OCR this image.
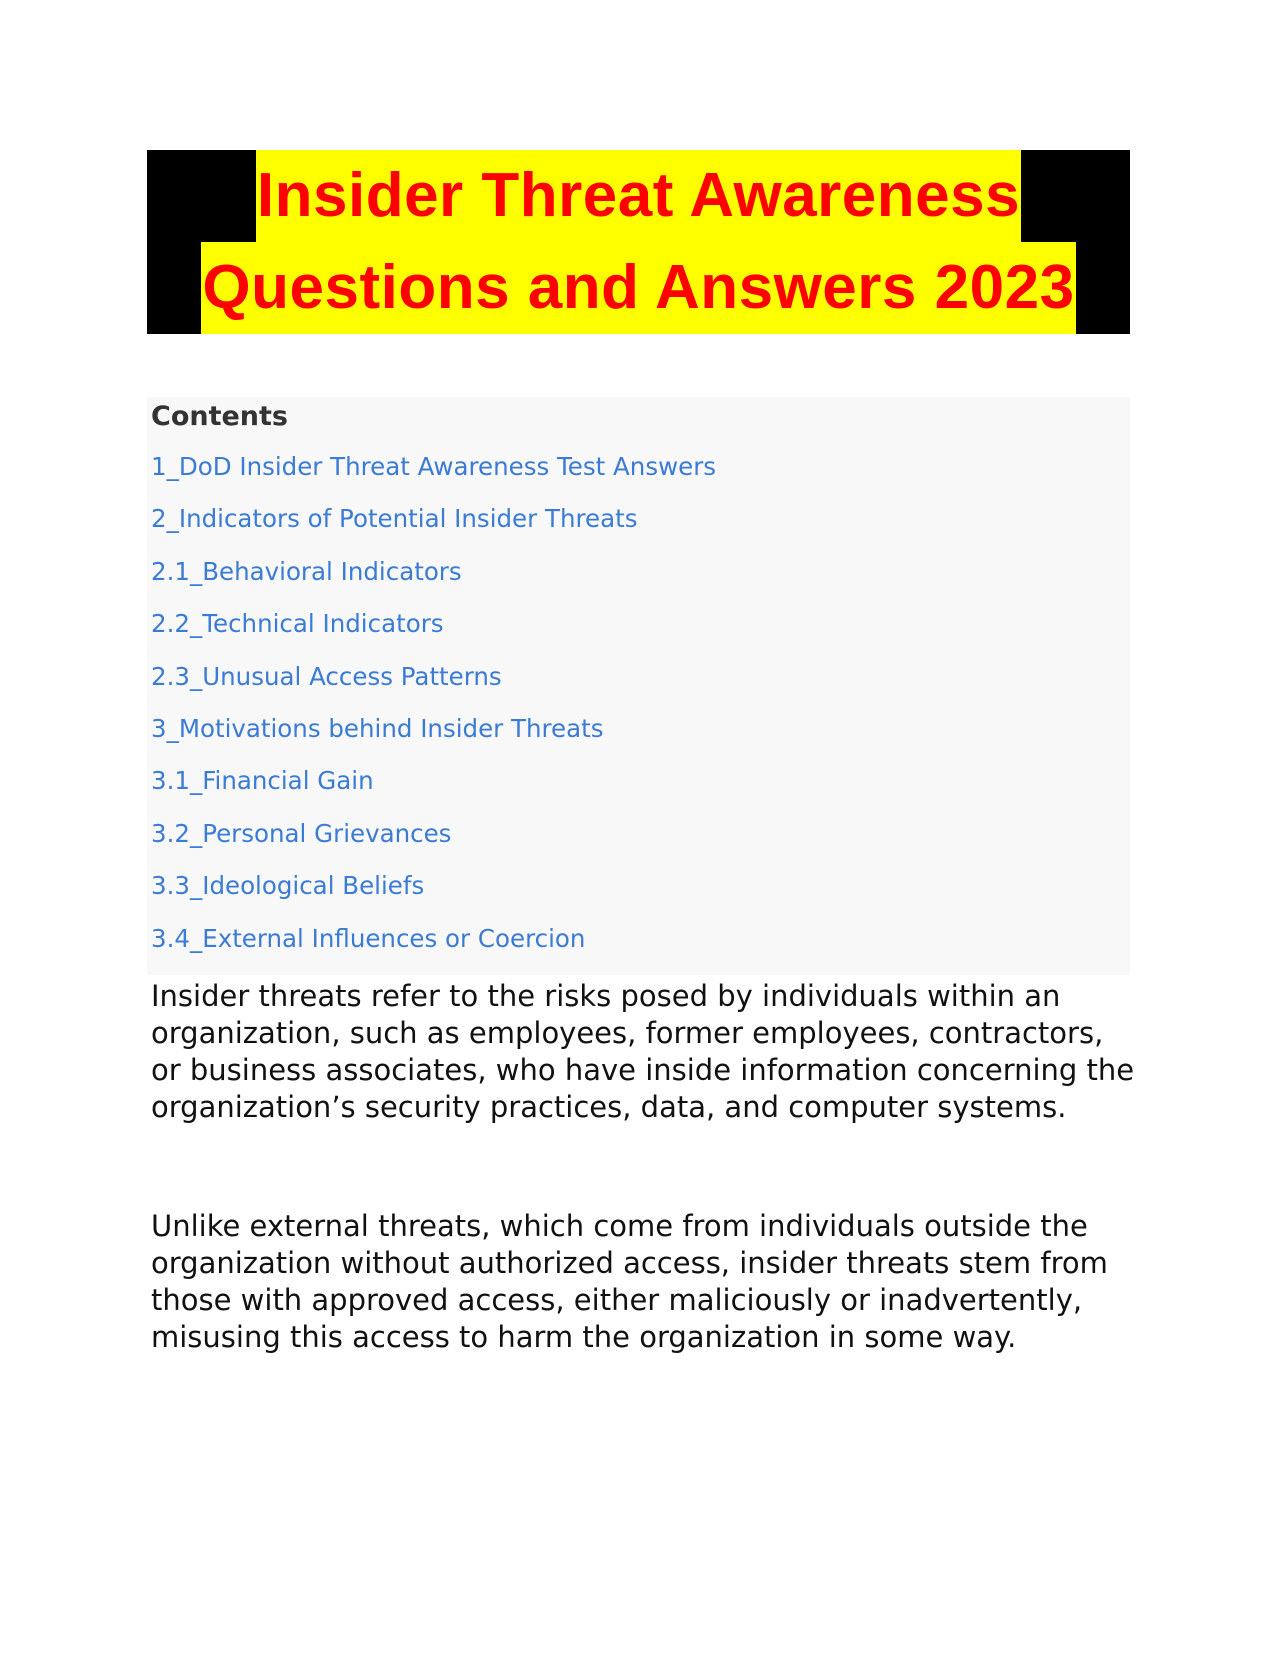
Insider Threat Awareness
Questions and Answers 2023
Contents
1_DoD Insider Threat Awareness Test Answers
2_Indicators of Potential Insider Threats
2.1_Behavioral Indicators
2.2_Technical Indicators
2.3_Unusual Access Patterns
3_Motivations behind Insider Threats
3.1_Financial Gain
3.2_Personal Grievances
3.3_Ideological Beliefs
3.4_External Influences or Coercion

Insider threats refer to the risks posed by individuals within an organization, such as employees, former employees, contractors, or business associates, who have inside information concerning the organization’s security practices, data, and computer systems.

Unlike external threats, which come from individuals outside the organization without authorized access, insider threats stem from those with approved access, either maliciously or inadvertently, misusing this access to harm the organization in some way.
